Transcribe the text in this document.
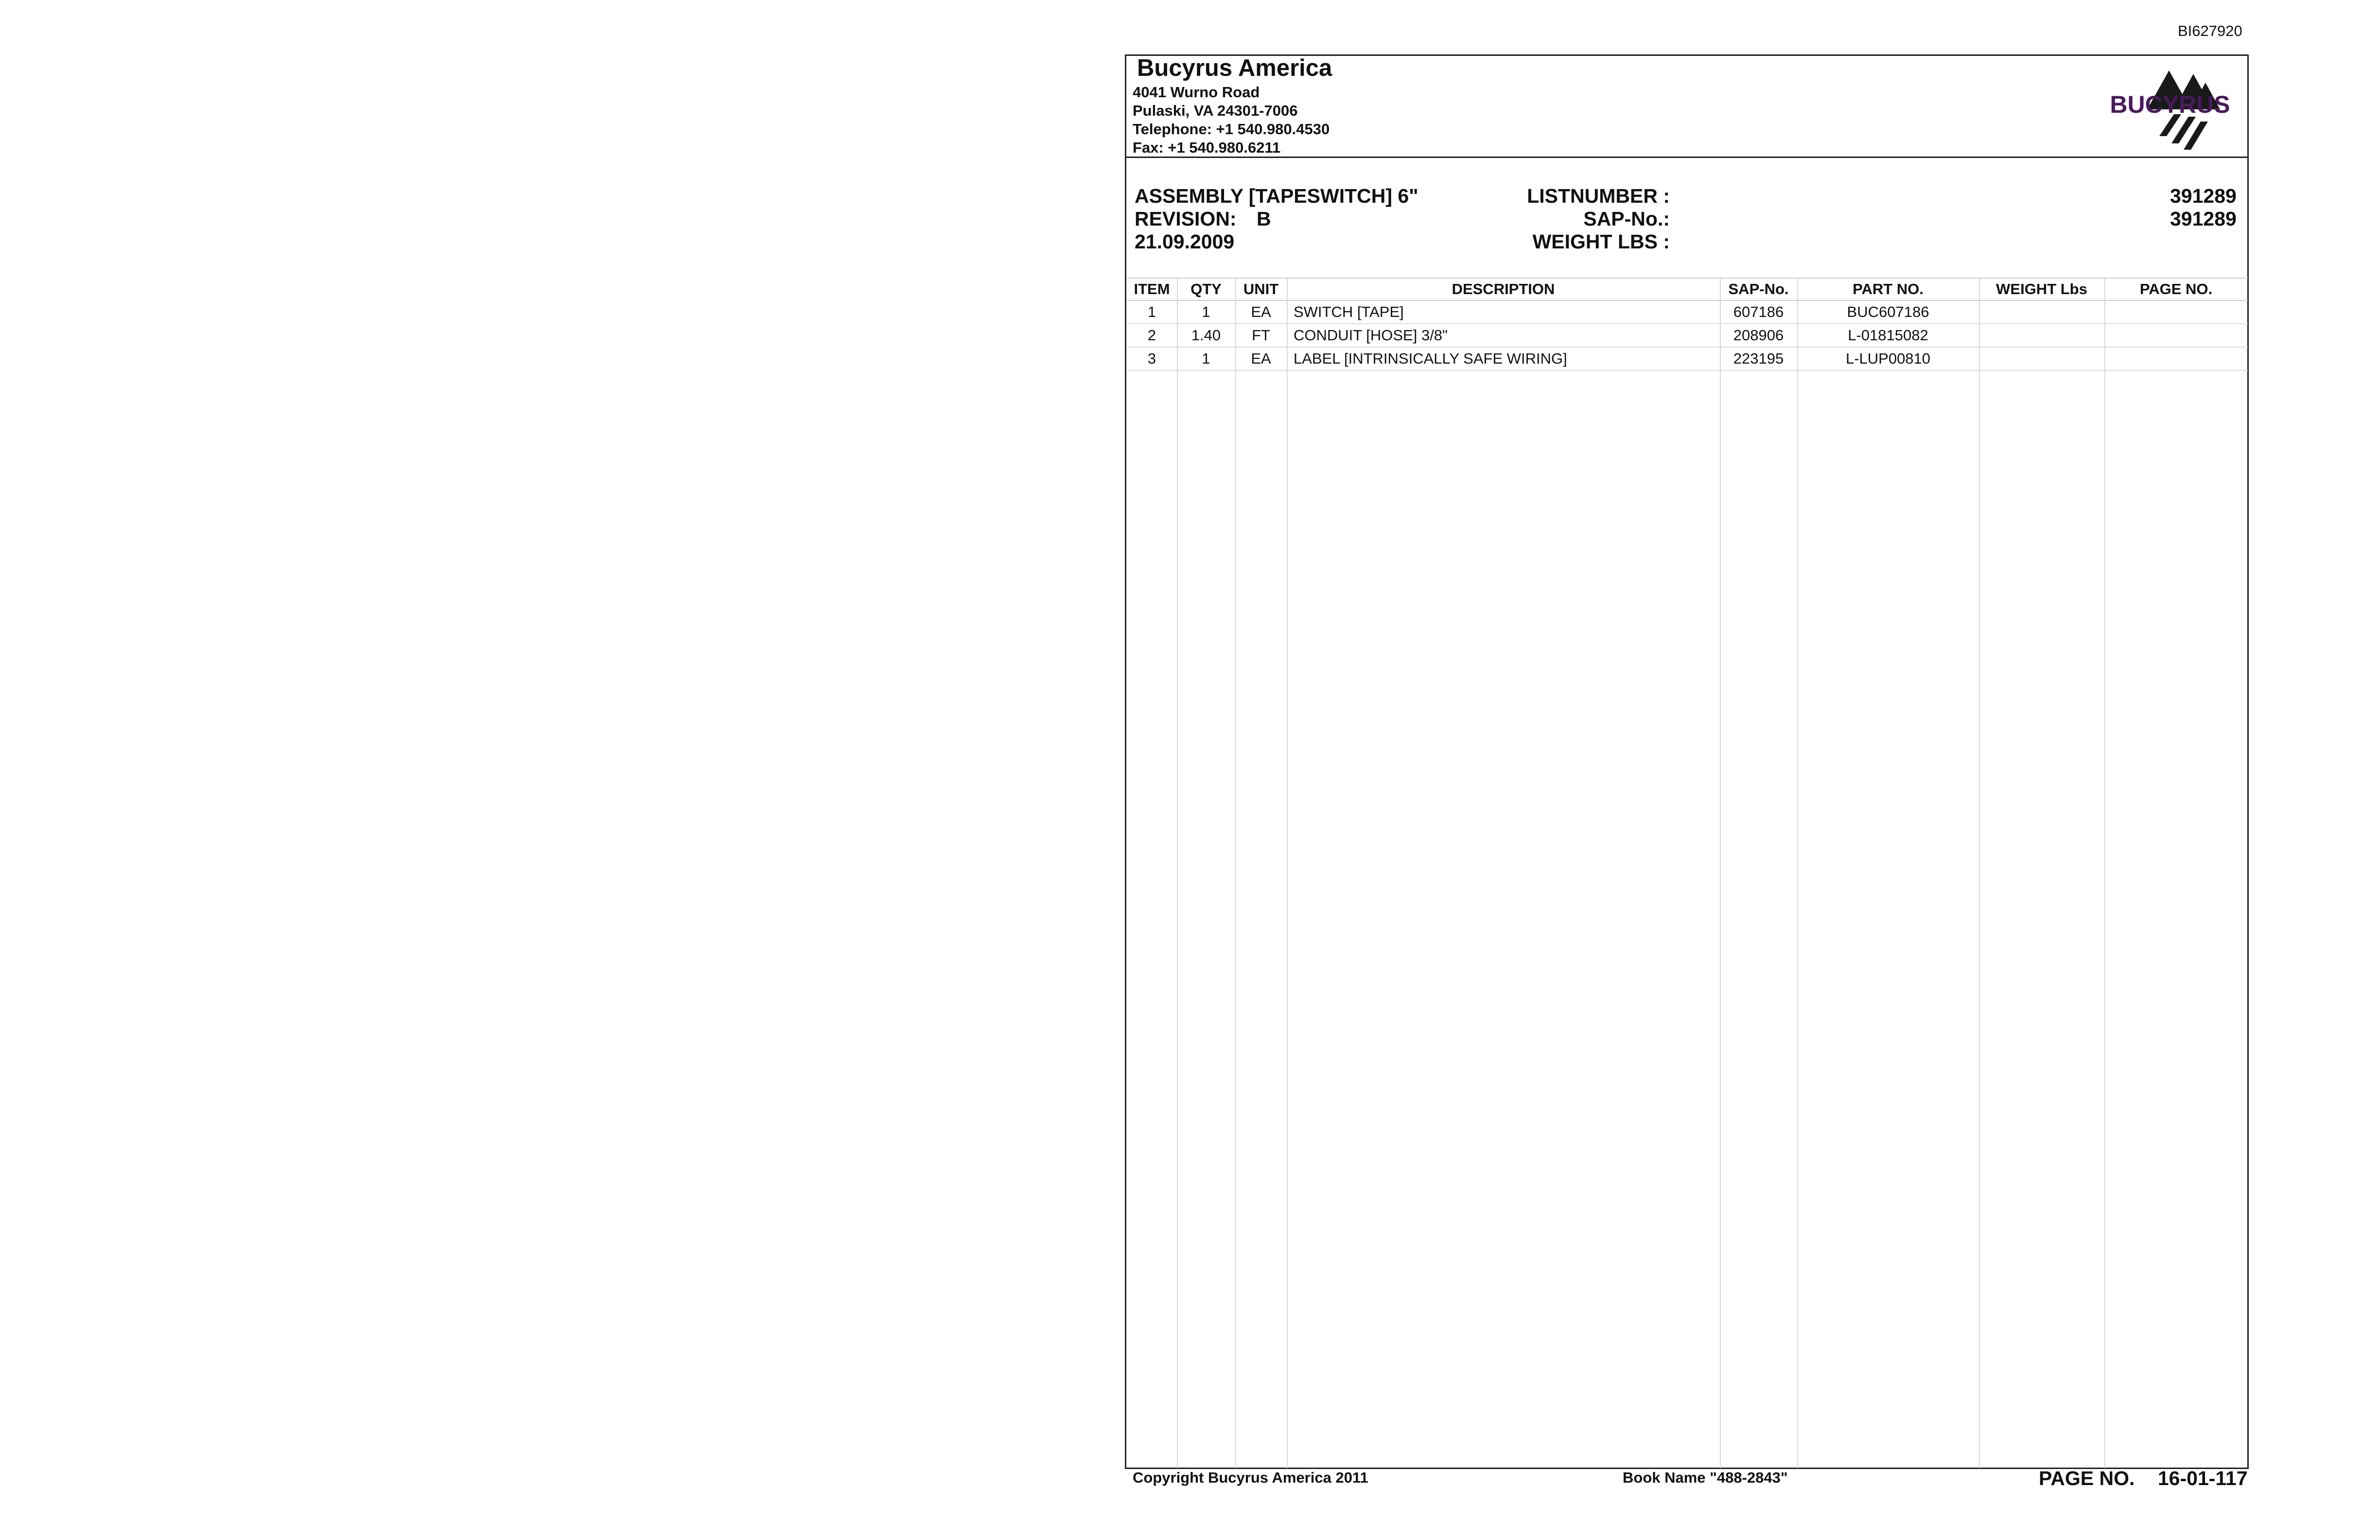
BI627920
Bucyrus America
4041 Wurno Road
Pulaski, VA 24301-7006
Telephone: +1 540.980.4530
Fax: +1 540.980.6211
BUCYRUS
ASSEMBLY [TAPESWITCH] 6"
REVISION: B
21.09.2009
LISTNUMBER :	391289
SAP-No.:	391289
WEIGHT LBS :
ITEM	QTY	UNIT	DESCRIPTION	SAP-No.	PART NO.	WEIGHT Lbs	PAGE NO.
1	1	EA	SWITCH [TAPE]	607186	BUC607186		
2	1.40	FT	CONDUIT [HOSE] 3/8"	208906	L-01815082		
3	1	EA	LABEL [INTRINSICALLY SAFE WIRING]	223195	L-LUP00810		
Copyright Bucyrus America 2011	Book Name "488-2843"	PAGE NO. 16-01-117
